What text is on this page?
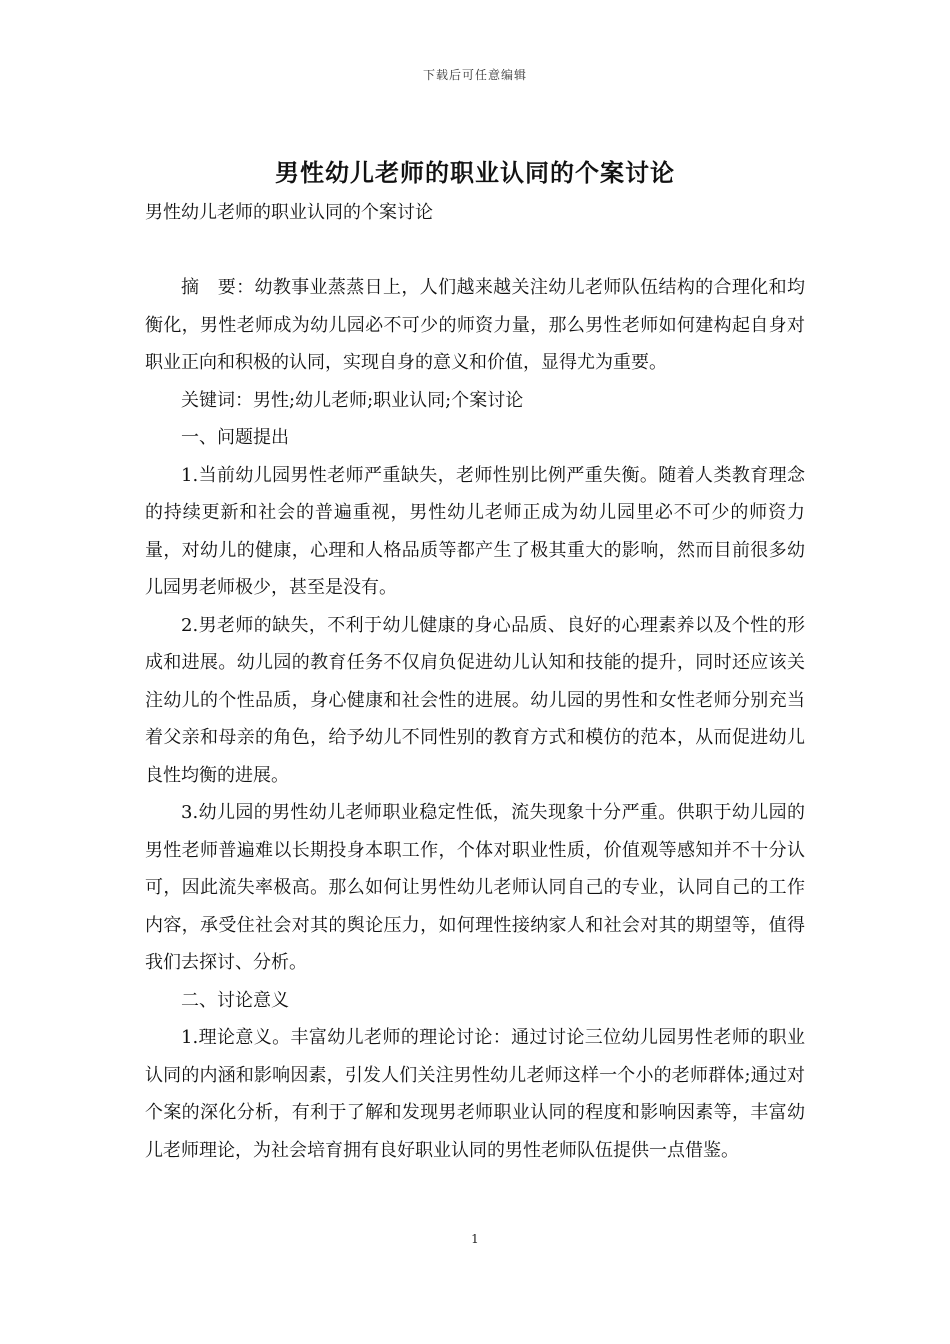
下载后可任意编辑
男性幼儿老师的职业认同的个案讨论
男性幼儿老师的职业认同的个案讨论

摘　要：幼教事业蒸蒸日上，人们越来越关注幼儿老师队伍结构的合理化和均衡化，男性老师成为幼儿园必不可少的师资力量，那么男性老师如何建构起自身对职业正向和积极的认同，实现自身的意义和价值，显得尤为重要。

关键词：男性;幼儿老师;职业认同;个案讨论

一、问题提出

1.当前幼儿园男性老师严重缺失，老师性别比例严重失衡。随着人类教育理念的持续更新和社会的普遍重视，男性幼儿老师正成为幼儿园里必不可少的师资力量，对幼儿的健康，心理和人格品质等都产生了极其重大的影响，然而目前很多幼儿园男老师极少，甚至是没有。

2.男老师的缺失，不利于幼儿健康的身心品质、良好的心理素养以及个性的形成和进展。幼儿园的教育任务不仅肩负促进幼儿认知和技能的提升，同时还应该关注幼儿的个性品质，身心健康和社会性的进展。幼儿园的男性和女性老师分别充当着父亲和母亲的角色，给予幼儿不同性别的教育方式和模仿的范本，从而促进幼儿良性均衡的进展。

3.幼儿园的男性幼儿老师职业稳定性低，流失现象十分严重。供职于幼儿园的男性老师普遍难以长期投身本职工作，个体对职业性质，价值观等感知并不十分认可，因此流失率极高。那么如何让男性幼儿老师认同自己的专业，认同自己的工作内容，承受住社会对其的舆论压力，如何理性接纳家人和社会对其的期望等，值得我们去探讨、分析。

二、讨论意义

1.理论意义。丰富幼儿老师的理论讨论：通过讨论三位幼儿园男性老师的职业认同的内涵和影响因素，引发人们关注男性幼儿老师这样一个小的老师群体;通过对个案的深化分析，有利于了解和发现男老师职业认同的程度和影响因素等，丰富幼儿老师理论，为社会培育拥有良好职业认同的男性老师队伍提供一点借鉴。

1
